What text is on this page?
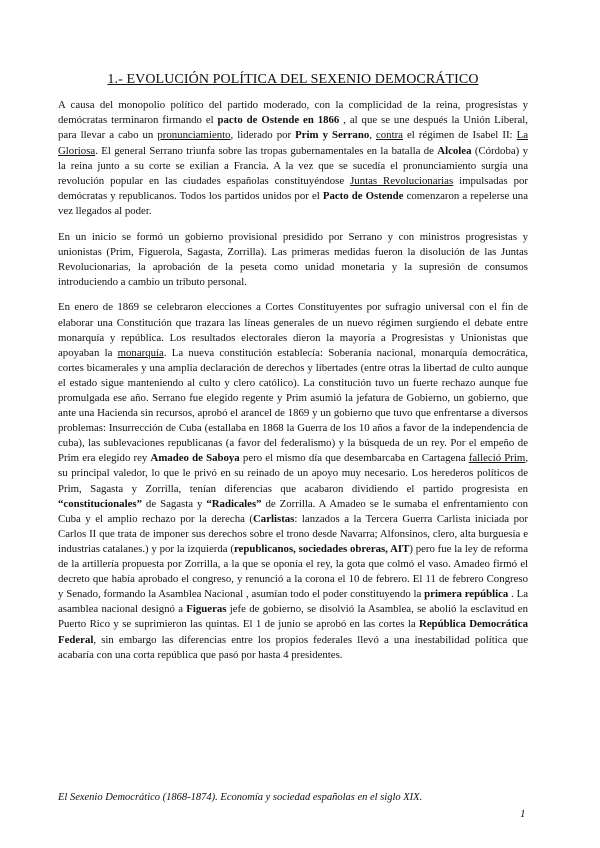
1.- EVOLUCIÓN POLÍTICA DEL SEXENIO DEMOCRÁTICO

A causa del monopolio político del partido moderado, con la complicidad de la reina, progresistas y demócratas terminaron firmando el pacto de Ostende en 1866 , al que se une después la Unión Liberal, para llevar a cabo un pronunciamiento, liderado por Prim y Serrano, contra el régimen de Isabel II: La Gloriosa. El general Serrano triunfa sobre las tropas gubernamentales en la batalla de Alcolea (Córdoba) y la reina junto a su corte se exilian a Francia. A la vez que se sucedía el pronunciamiento surgía una revolución popular en las ciudades españolas constituyéndose Juntas Revolucionarias impulsadas por demócratas y republicanos. Todos los partidos unidos por el Pacto de Ostende comenzaron a repelerse una vez llegados al poder.

En un inicio se formó un gobierno provisional presidido por Serrano y con ministros progresistas y unionistas (Prim, Figuerola, Sagasta, Zorrilla). Las primeras medidas fueron la disolución de las Juntas Revolucionarias, la aprobación de la peseta como unidad monetaria y la supresión de consumos introduciendo a cambio un tributo personal.

En enero de 1869 se celebraron elecciones a Cortes Constituyentes por sufragio universal con el fin de elaborar una Constitución que trazara las líneas generales de un nuevo régimen surgiendo el debate entre monarquía y república. Los resultados electorales dieron la mayoría a Progresistas y Unionistas que apoyaban la monarquía. La nueva constitución establecía: Soberanía nacional, monarquía democrática, cortes bicamerales y una amplia declaración de derechos y libertades (entre otras la libertad de culto aunque el estado sigue manteniendo al culto y clero católico). La constitución tuvo un fuerte rechazo aunque fue promulgada ese año. Serrano fue elegido regente y Prim asumió la jefatura de Gobierno, un gobierno, que ante una Hacienda sin recursos, aprobó el arancel de 1869 y un gobierno que tuvo que enfrentarse a diversos problemas: Insurrección de Cuba (estallaba en 1868 la Guerra de los 10 años a favor de la independencia de cuba), las sublevaciones republicanas (a favor del federalismo) y la búsqueda de un rey. Por el empeño de Prim era elegido rey Amadeo de Saboya pero el mismo día que desembarcaba en Cartagena falleció Prim, su principal valedor, lo que le privó en su reinado de un apoyo muy necesario. Los herederos políticos de Prim, Sagasta y Zorrilla, tenían diferencias que acabaron dividiendo el partido progresista en “constitucionales” de Sagasta y “Radicales” de Zorrilla. A Amadeo se le sumaba el enfrentamiento con Cuba y el amplio rechazo por la derecha (Carlistas: lanzados a la Tercera Guerra Carlista iniciada por Carlos II que trata de imponer sus derechos sobre el trono desde Navarra; Alfonsinos, clero, alta burguesía e industrias catalanes.) y por la izquierda (republicanos, sociedades obreras, AIT) pero fue la ley de reforma de la artillería propuesta por Zorrilla, a la que se oponía el rey, la gota que colmó el vaso. Amadeo firmó el decreto que había aprobado el congreso, y renunció a la corona el 10 de febrero. El 11 de febrero Congreso y Senado, formando la Asamblea Nacional , asumían todo el poder constituyendo la primera república . La asamblea nacional designó a Figueras jefe de gobierno, se disolvió la Asamblea, se abolió la esclavitud en Puerto Rico y se suprimieron las quintas. El 1 de junio se aprobó en las cortes la República Democrática Federal, sin embargo las diferencias entre los propios federales llevó a una inestabilidad política que acabaría con una corta república que pasó por hasta 4 presidentes.

El Sexenio Democrático (1868-1874). Economía y sociedad españolas en el siglo XIX.
1
